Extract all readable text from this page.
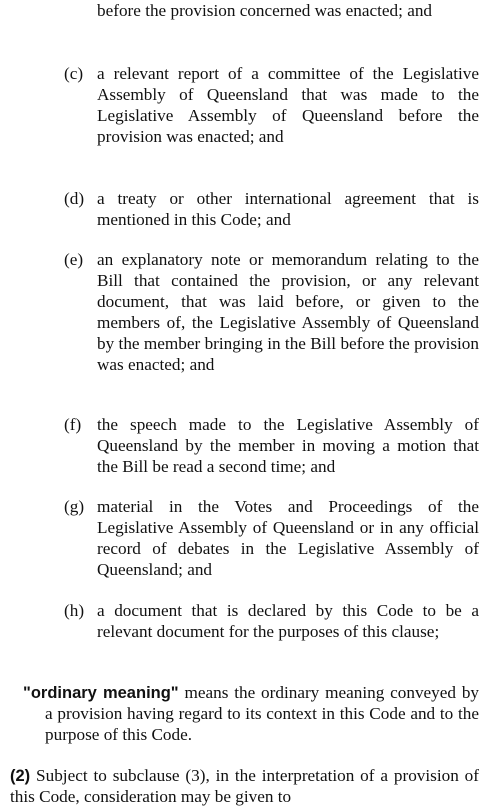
before the provision concerned was enacted; and
(c) a relevant report of a committee of the Legislative Assembly of Queensland that was made to the Legislative Assembly of Queensland before the provision was enacted; and
(d) a treaty or other international agreement that is mentioned in this Code; and
(e) an explanatory note or memorandum relating to the Bill that contained the provision, or any relevant document, that was laid before, or given to the members of, the Legislative Assembly of Queensland by the member bringing in the Bill before the provision was enacted; and
(f) the speech made to the Legislative Assembly of Queensland by the member in moving a motion that the Bill be read a second time; and
(g) material in the Votes and Proceedings of the Legislative Assembly of Queensland or in any official record of debates in the Legislative Assembly of Queensland; and
(h) a document that is declared by this Code to be a relevant document for the purposes of this clause;
"ordinary meaning" means the ordinary meaning conveyed by a provision having regard to its context in this Code and to the purpose of this Code.
(2) Subject to subclause (3), in the interpretation of a provision of this Code, consideration may be given to
